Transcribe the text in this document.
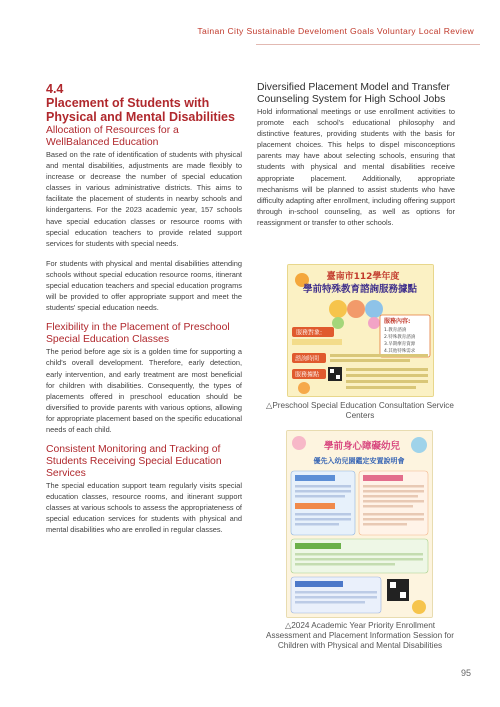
Tainan City Sustainable Develoment Goals Voluntary Local Review
4.4
Placement of Students with Physical and Mental Disabilities
Allocation of Resources for a WellBalanced Education

Based on the rate of identification of students with physical and mental disabilities, adjustments are made flexibly to increase or decrease the number of special education classes in various administrative districts. This aims to facilitate the placement of students in nearby schools and kindergartens. For the 2023 academic year, 157 schools have special education classes or resource rooms with special education teachers to provide related support services for students with special needs.

For students with physical and mental disabilities attending schools without special education resource rooms, itinerant special education teachers and special education programs will be provided to offer appropriate support and meet the students' special education needs.

Flexibility in the Placement of Preschool Special Education Classes

The period before age six is a golden time for supporting a child's overall development. Therefore, early detection, early intervention, and early treatment are most beneficial for children with disabilities. Consequently, the types of placements offered in preschool education should be diversified to provide parents with various options, allowing for appropriate placement based on the specific educational needs of each child.

Consistent Monitoring and Tracking of Students Receiving Special Education Services

The special education support team regularly visits special education classes, resource rooms, and itinerant support classes at various schools to assess the appropriateness of special education services for students with physical and mental disabilities who are enrolled in regular classes.

Diversified Placement Model and Transfer Counseling System for High School Jobs

Hold informational meetings or use enrollment activities to promote each school's educational philosophy and distinctive features, providing students with the basis for placement choices. This helps to dispel misconceptions parents may have about selecting schools, ensuring that students with physical and mental disabilities receive appropriate placement. Additionally, appropriate mechanisms will be planned to assist students who have difficulty adapting after enrollment, including offering support through in-school counseling, as well as options for reassignment or transfer to other schools.

臺南市112學年度
學前特殊教育諮詢服務據點
服務對象:
服務內容:
1.教育諮詢
2.特殊教育諮詢
3.早期療育資源
4.其他特殊需求
諮詢時間
服務據點
△Preschool Special Education Consultation Service Centers
學前身心障礙幼兒
優先入幼兒園鑑定安置說明會
△2024 Academic Year Priority Enrollment Assessment and Placement Information Session for Children with Physical and Mental Disabilities
95
